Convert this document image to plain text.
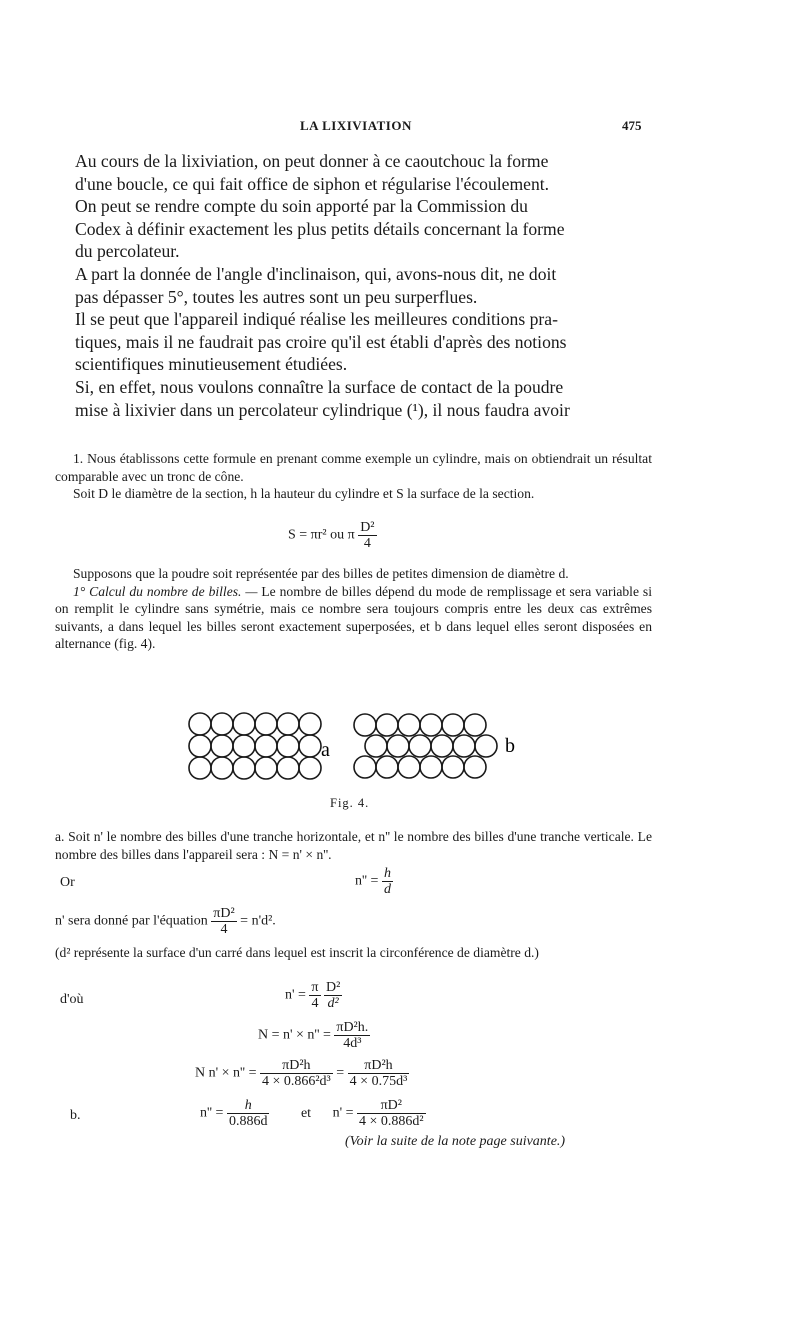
LA LIXIVIATION	475
Au cours de la lixiviation, on peut donner à ce caoutchouc la forme
d'une boucle, ce qui fait office de siphon et régularise l'écoulement.
On peut se rendre compte du soin apporté par la Commission du
Codex à définir exactement les plus petits détails concernant la forme
du percolateur.
A part la donnée de l'angle d'inclinaison, qui, avons-nous dit, ne doit
pas dépasser 5°, toutes les autres sont un peu surperflues.
Il se peut que l'appareil indiqué réalise les meilleures conditions pra-
tiques, mais il ne faudrait pas croire qu'il est établi d'après des notions
scientifiques minutieusement étudiées.
Si, en effet, nous voulons connaître la surface de contact de la poudre
mise à lixivier dans un percolateur cylindrique (¹), il nous faudra avoir

1. Nous établissons cette formule en prenant comme exemple un cylindre, mais on obtiendrait un résultat comparable avec un tronc de cône.

Soit D le diamètre de la section, h la hauteur du cylindre et S la surface de la section.

S = πr² ou π $\frac{\text{D²}}{4}$

Supposons que la poudre soit représentée par des billes de petites dimension de diamètre d.

1° Calcul du nombre de billes. — Le nombre de billes dépend du mode de remplissage et sera variable si on remplit le cylindre sans symétrie, mais ce nombre sera toujours compris entre les deux cas extrêmes suivants, a dans lequel les billes seront exactement superposées, et b dans lequel elles seront disposées en alternance (fig. 4).

a	b
Fig. 4.

a. Soit n' le nombre des billes d'une tranche horizontale, et n'' le nombre des billes d'une tranche verticale. Le nombre des billes dans l'appareil sera : N = n' × n''.

Or	$n'' = \frac{h}{d}$
n' sera donné par l'équation $\frac{\text{πD²}}{4} = n'd^2$.

(d² représente la surface d'un carré dans lequel est inscrit la circonférence de diamètre d.)

d'où	$n' = \frac{\pi}{4}$
$\frac{\text{D²}}{\text{d²}}$
$N = n' \times n'' = \frac{\text{πD²h.}}{\text{4d³}}$
N $n' \times n'' = \frac{\text{πD²h}}{\text{4 × 0.866²d³}} = \frac{\text{πD²h}}{\text{4 × 0.75d³}}$
b.	$n'' = \frac{h}{0.886d}$ et $n' = \frac{\text{πD²}}{\text{4 × 0.886d²}}$
(Voir la suite de la note page suivante.)
